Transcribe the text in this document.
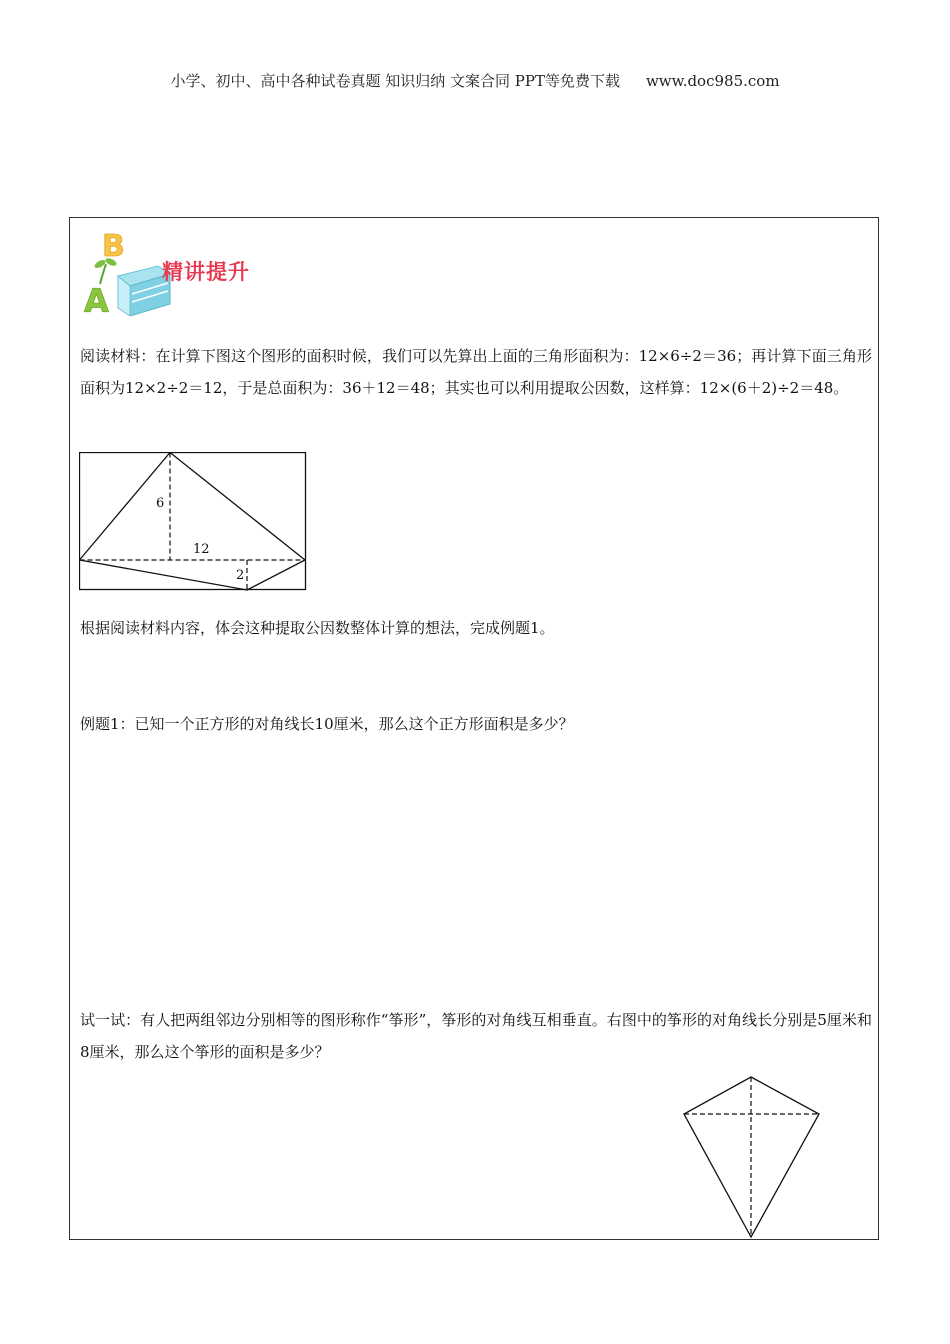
小学、初中、高中各种试卷真题 知识归纳 文案合同 PPT等免费下载 www.doc985.com
B
A
精讲提升

阅读材料：在计算下图这个图形的面积时候，我们可以先算出上面的三角形面积为：12×6÷2＝36；再计算下面三角形面积为12×2÷2＝12，于是总面积为：36＋12＝48；其实也可以利用提取公因数，这样算：12×(6＋2)÷2＝48。

6
12
2

根据阅读材料内容，体会这种提取公因数整体计算的想法，完成例题1。

例题1：已知一个正方形的对角线长10厘米，那么这个正方形面积是多少？

试一试：有人把两组邻边分别相等的图形称作“筝形”，筝形的对角线互相垂直。右图中的筝形的对角线长分别是5厘米和8厘米，那么这个筝形的面积是多少？
